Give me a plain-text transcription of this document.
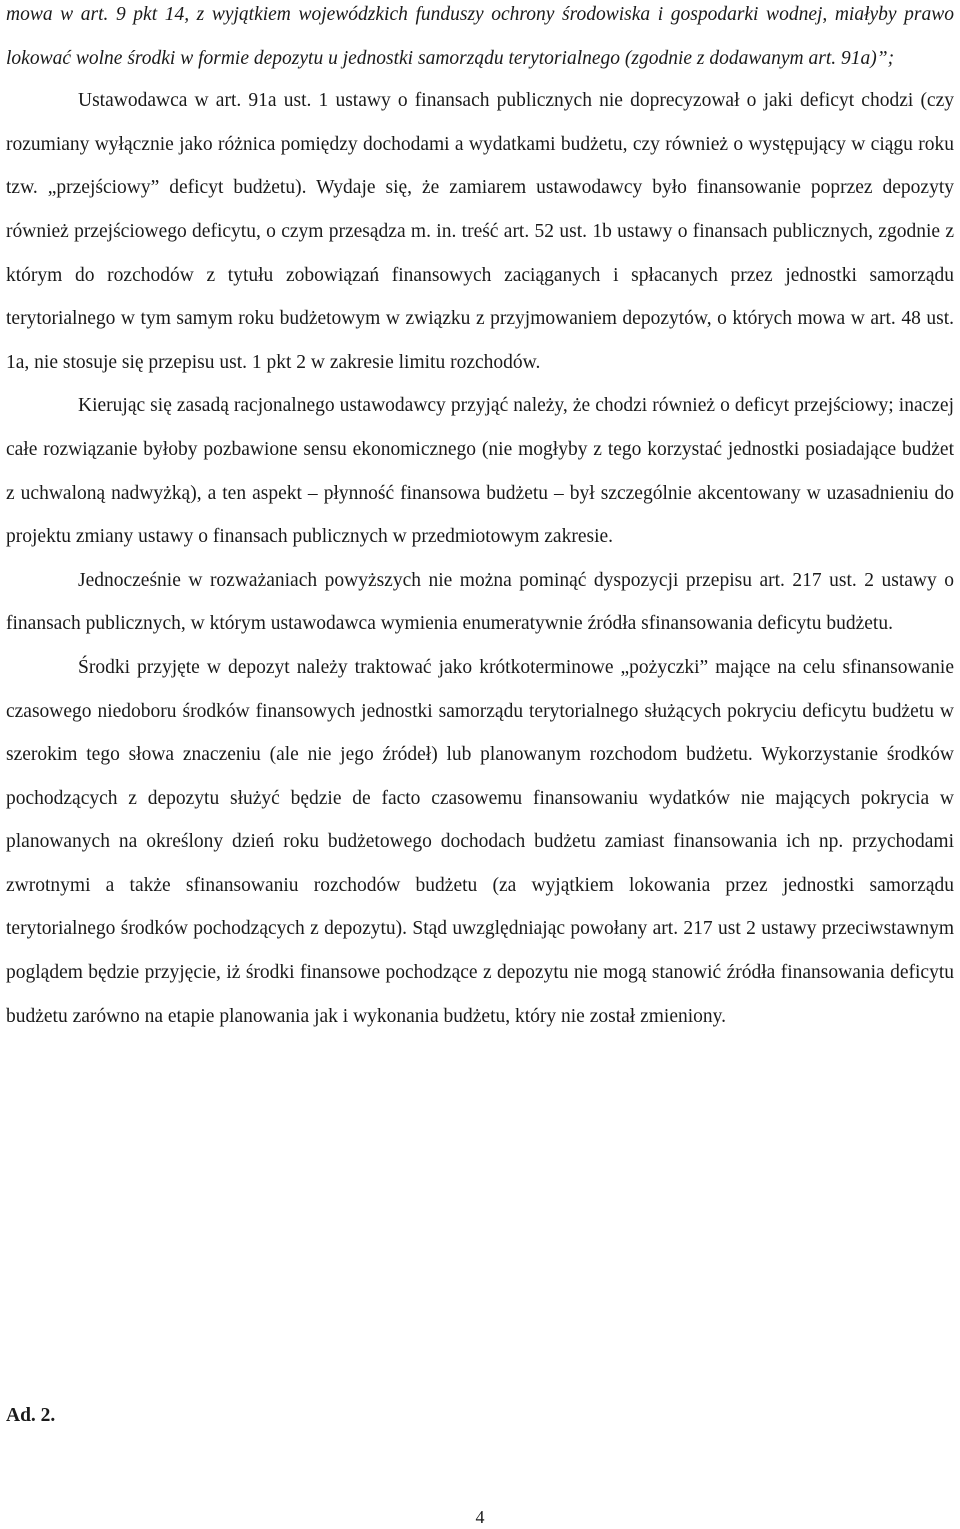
mowa w art. 9 pkt 14, z wyjątkiem wojewódzkich funduszy ochrony środowiska i gospodarki wodnej, miałyby prawo lokować wolne środki w formie depozytu u jednostki samorządu terytorialnego (zgodnie z dodawanym art. 91a)”;

Ustawodawca w art. 91a ust. 1 ustawy o finansach publicznych nie doprecyzował o jaki deficyt chodzi (czy rozumiany wyłącznie jako różnica pomiędzy dochodami a wydatkami budżetu, czy również o występujący w ciągu roku tzw. „przejściowy” deficyt budżetu). Wydaje się, że zamiarem ustawodawcy było finansowanie poprzez depozyty również przejściowego deficytu, o czym przesądza m. in. treść art. 52 ust. 1b ustawy o finansach publicznych, zgodnie z którym do rozchodów z tytułu zobowiązań finansowych zaciąganych i spłacanych przez jednostki samorządu terytorialnego w tym samym roku budżetowym w związku z przyjmowaniem depozytów, o których mowa w art. 48 ust. 1a, nie stosuje się przepisu ust. 1 pkt 2 w zakresie limitu rozchodów.

Kierując się zasadą racjonalnego ustawodawcy przyjąć należy, że chodzi również o deficyt przejściowy; inaczej całe rozwiązanie byłoby pozbawione sensu ekonomicznego (nie mogłyby z tego korzystać jednostki posiadające budżet z uchwaloną nadwyżką), a ten aspekt – płynność finansowa budżetu – był szczególnie akcentowany w uzasadnieniu do projektu zmiany ustawy o finansach publicznych w przedmiotowym zakresie.

Jednocześnie w rozważaniach powyższych nie można pominąć dyspozycji przepisu art. 217 ust. 2 ustawy o finansach publicznych, w którym ustawodawca wymienia enumeratywnie źródła sfinansowania deficytu budżetu.

Środki przyjęte w depozyt należy traktować jako krótkoterminowe „pożyczki” mające na celu sfinansowanie czasowego niedoboru środków finansowych jednostki samorządu terytorialnego służących pokryciu deficytu budżetu w szerokim tego słowa znaczeniu (ale nie jego źródeł) lub planowanym rozchodom budżetu. Wykorzystanie środków pochodzących z depozytu służyć będzie de facto czasowemu finansowaniu wydatków nie mających pokrycia w planowanych na określony dzień roku budżetowego dochodach budżetu zamiast finansowania ich np. przychodami zwrotnymi a także sfinansowaniu rozchodów budżetu (za wyjątkiem lokowania przez jednostki samorządu terytorialnego środków pochodzących z depozytu). Stąd uwzględniając powołany art. 217 ust 2 ustawy przeciwstawnym poglądem będzie przyjęcie, iż środki finansowe pochodzące z depozytu nie mogą stanowić źródła finansowania deficytu budżetu zarówno na etapie planowania jak i wykonania budżetu, który nie został zmieniony.

Ad. 2.

4
